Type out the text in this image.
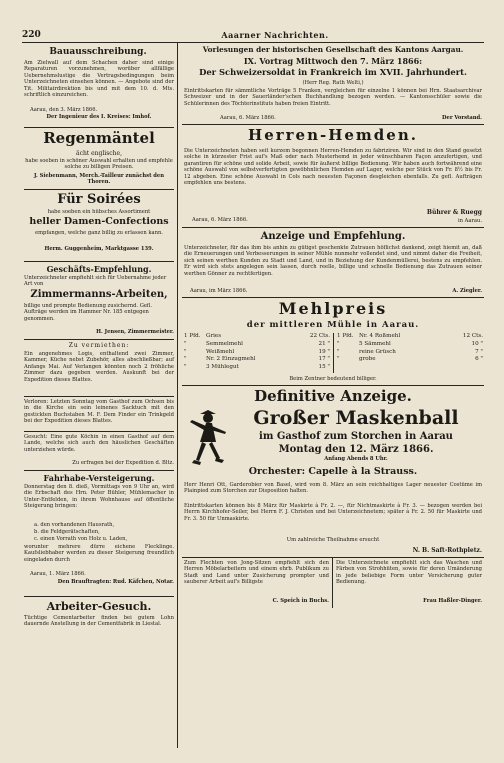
220	Aaarner Nachrichten.
Bauausschreibung.
Am Zielwall auf dem Schachen daher sind einige Reparaturen vorzunehmen, worüber allfällige Uebernehmslustige die Vertragsbedingungen beim Unterzeichneten einsehen können. — Angebote sind der Tit. Militairdirektion bis und mit dem 10. d. Mts. schriftlich einzureichen.
Aarau, den 3. März 1866.
Der Ingenieur des I. Kreises: Imhof.
Regenmäntel
ächt englische,
habe soeben in schöner Auswahl erhalten und empfehle solche zu billigen Preisen.
J. Siebenmann, Merch.-Tailleur zunächst den Thoren.
Für Soirées
habe soeben ein hübsches Assortiment
heller Damen-Confections
empfangen, welche ganz billig zu erlassen kann.
Herm. Guggenheim, Marktgasse 139.
Geschäfts-Empfehlung.
Unterzeichneter empfiehlt sich für Uebernahme jeder Art von
Zimmermanns-Arbeiten,
billige und prompte Bedienung zusichernd. Gefl. Aufträge werden im Hammer Nr. 185 entgegen genommen.
H. Jensen, Zimmermeister.
Zu vermiethen:
Ein angenehmes Logis, enthaltend zwei Zimmer, Kammer, Küche nebst Zubehör, alles abschließbar; auf Anfangs Mai. Auf Verlangen könnten noch 2 fröhliche Zimmer dazu gegeben werden. Auskunft bei der Expedition dieses Blattes.
Verloren: Letzten Sonntag vom Gasthof zum Ochsen bis in die Kirche ein sein leinenes Sacktuch mit den gestickten Buchstaben M. F. Dem Finder ein Trinkgeld bei der Expedition dieses Blattes.
Gesucht: Eine gute Köchin in einen Gasthof auf dem Lande, welche sich auch den häuslichen Geschäften unterziehen würde.
Zu erfragen bei der Expedition d. Bltz.
Fahrhabe-Versteigerung.
Donnerstag den 8. dieß, Vormittags von 9 Uhr an, wird die Erbschaft des Hrn. Peter Bühler, Mühlemacher in Unter-Entfelden, in ihrem Wohnhause auf öffentliche Steigerung bringen:
a. den vorhandenen Hausrath,
b. die Feldgerätschaften,
c. einen Vorrath von Holz u. Laden,
worunter mehrere dürre eichene Flecklinge. Kaufsliebhaber werden zu dieser Steigerung freundlich eingeladen durch
Aarau, 1. März 1866.
Den Brauftragten: Rud. Käfchen, Notar.
Arbeiter-Gesuch.
Tüchtige Cementarbeiter finden bei gutem Lohn dauernde Anstellung in der Cementfabrik in Liestal.
Vorlesungen der historischen Gesellschaft des Kantons Aargau.
IX. Vortrag Mittwoch den 7. März 1866:
Der Schweizersoldat in Frankreich im XVII. Jahrhundert.
(Herr Reg. Rath Welti,)
Eintrittskarten für sämmtliche Vorträge 5 Franken, vergleichen für einzelne 1 können bei Hrn. Staatsarchivar Schweizer und in der Sauerländer'schen Buchhandlung bezogen werden. — Kantonsschüler sowie die Schülerinnen des Töchterinstituts haben freien Eintritt.
Aarau, 6. März 1866.	Der Vorstand.
Herren-Hemden.
Die Unterzeichneten haben seit kurzem begonnen Herren-Hemden zu fabriziren. Wir sind in den Stand gesetzt solche in kürzester Frist auf's Maß oder nach Musterhemd in jeder wünschbaren Façon anzufertigen, und garantiren für schöne und solide Arbeit, sowie für äußerst billige Bedienung. Wir haben auch fortwährend eine schöne Auswahl von selbstverfertigten gewöbhnlichen Hemden auf Lager, welche per Stück von Fr. 8½ bis Fr. 12 abgeben. Eine schöne Auswahl in Cols nach neuesten Façonen desgleichen ebenfalls. Zu gefl. Aufträgen empfehlen uns bestens.
Bührer & Ruegg
Aarau, 6. März 1866.	in Aarau.
Anzeige und Empfehlung.
Unterzeichneter, für das ihm bis anhin zu gütigst geschenkte Zutrauen höflichst dankend, zeigt hiemit an, daß die Erneuerungen und Verbesserungen in seiner Mühle nunmehr vollendet sind, und nimmt daher die Freiheit, sich seinen werthen Kunden zu Stadt und Land, und in Beziehung der Kundenmüllerei, bestens zu empfehlen. Er wird sich stets angelegen sein lassen, durch reelle, billige und schnelle Bedienung das Zutrauen seiner werthen Gönner zu rechtfertigen.
Aarau, im März 1866.	A. Ziegler.
Mehlpreis
der mittleren Mühle in Aarau.
1 Pfd. Gries	22 Cts.
"	Semmelmehl	21 "
"	Weißmehl	19 "
"	Nr. 2 Einzugmehl	17 "
"	3 Mühlegut	15 "
1 Pfd. Nr. 4 Roßmehl	12 Cts.
"	5 Sämmehl	10 "
"	reine Grüsch	7 "
"	grobe	6 "
Beim Zentner bedeutend billiger.
Definitive Anzeige.
Großer Maskenball
im Gasthof zum Storchen in Aarau
Montag den 12. März 1866.
Anfang Abends 8 Uhr.
Orchester: Capelle à la Strauss.
Herr Henri Ott, Garderobier von Basel, wird vom 8. März an sein reichhaltiges Lager neuester Costüme im Plainpied zum Storchen zur Disposition halten.
Eintrittskarten können bis 8 März für Maskirte à Fr. 2. —, für Nichtmaskirte à Fr. 3. — bezogen werden bei Herrn Kirchhofer-Seiler, bei Herrn F. J. Christen und bei Unterzeichnetem; später à Fr. 2. 50 für Maskirte und Fr. 3. 50 für Unmaskirte.
Um zahlreiche Theilnahme ersucht
N. B. Saft-Rothpletz.
Zum Flechten von Jong-Sitzen empfiehlt sich den Herren Möbelarbeitern und einem ehrb. Publikum zu Stadt und Land unter Zusicherung prompter und sauberer Arbeit auf's Billigste
C. Speich in Buchs.
Die Unterzeichnete empfiehlt sich das Waschen und Färben von Strohhüten, sowie für deren Umänderung in jede beliebige Form unter Versicherung guter Bedienung.
Frau Haßler-Dinger.
